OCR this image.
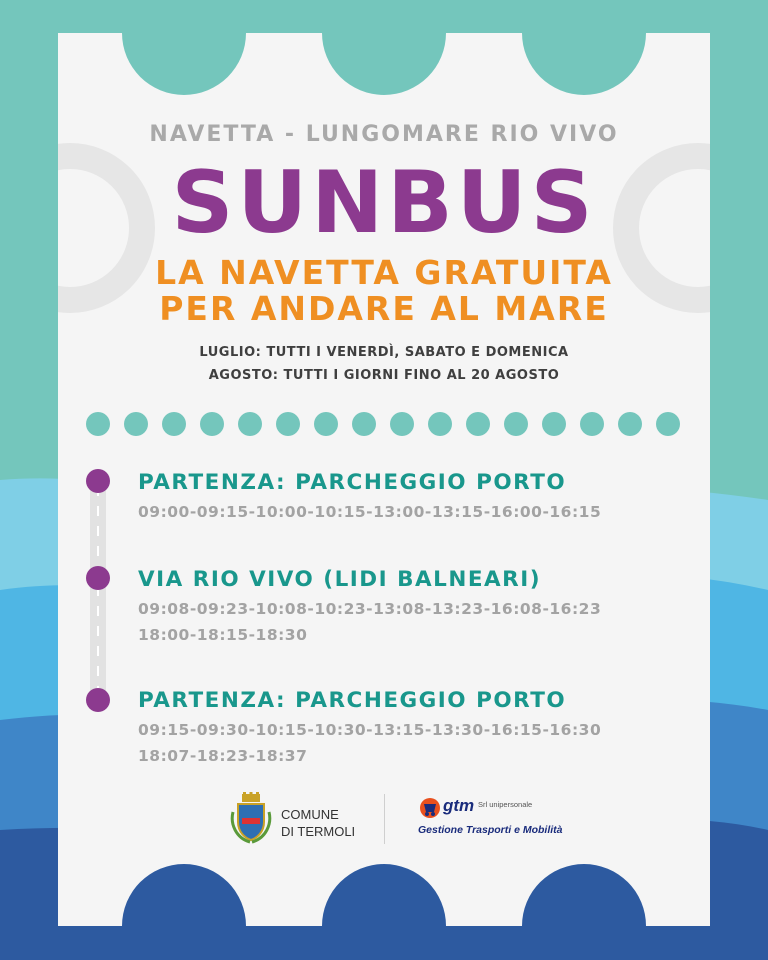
NAVETTA - LUNGOMARE RIO VIVO
SUNBUS
LA NAVETTA GRATUITA
PER ANDARE AL MARE
LUGLIO: TUTTI I VENERDÌ, SABATO E DOMENICA
AGOSTO: TUTTI I GIORNI FINO AL 20 AGOSTO
PARTENZA: PARCHEGGIO PORTO
09:00-09:15-10:00-10:15-13:00-13:15-16:00-16:15
VIA RIO VIVO (LIDI BALNEARI)
09:08-09:23-10:08-10:23-13:08-13:23-16:08-16:23
18:00-18:15-18:30
PARTENZA: PARCHEGGIO PORTO
09:15-09:30-10:15-10:30-13:15-13:30-16:15-16:30
18:07-18:23-18:37
COMUNE
DI TERMOLI
gtm Srl unipersonale
Gestione Trasporti e Mobilità
